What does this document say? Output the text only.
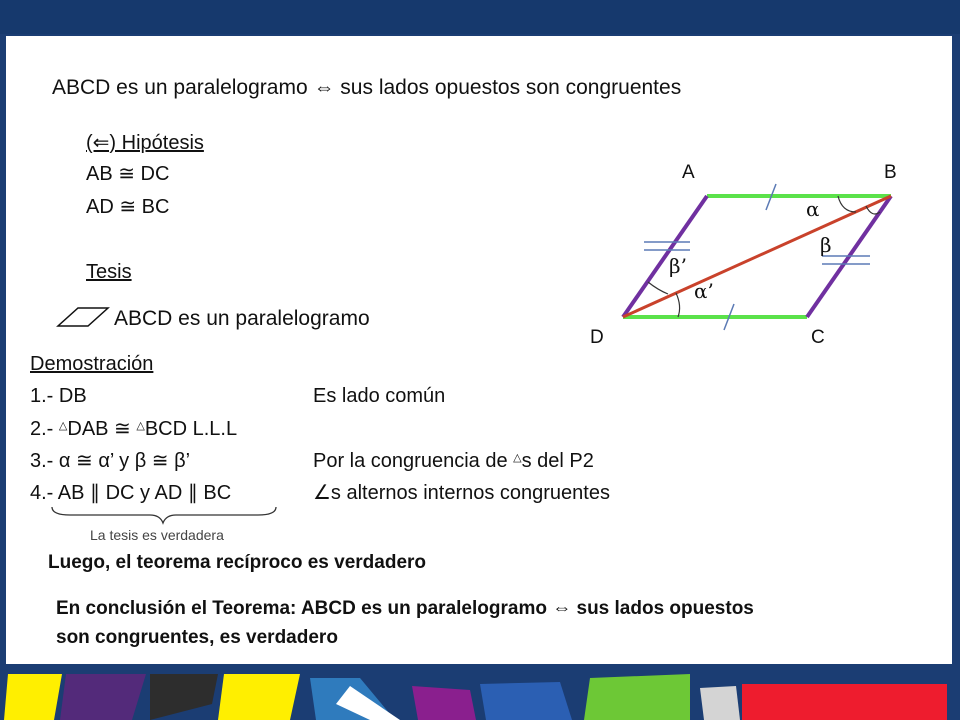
ABCD es un paralelogramo ⇔ sus lados opuestos son congruentes
(⇐) Hipótesis
AB ≅ DC
AD ≅ BC
Tesis
ABCD es un paralelogramo
Demostración
1.- DB	Es lado común
2.- △DAB ≅ △BCD L.L.L
3.- α ≅ α’ y β ≅ β’	Por la congruencia de △s del P2
4.- AB ∥ DC y AD ∥ BC	∠s alternos internos congruentes
La tesis es verdadera
Luego, el teorema recíproco es verdadero
En conclusión el Teorema: ABCD es un paralelogramo ⇔ sus lados opuestos
son congruentes, es verdadero
A	B
C
D
α
β
β’
α’
